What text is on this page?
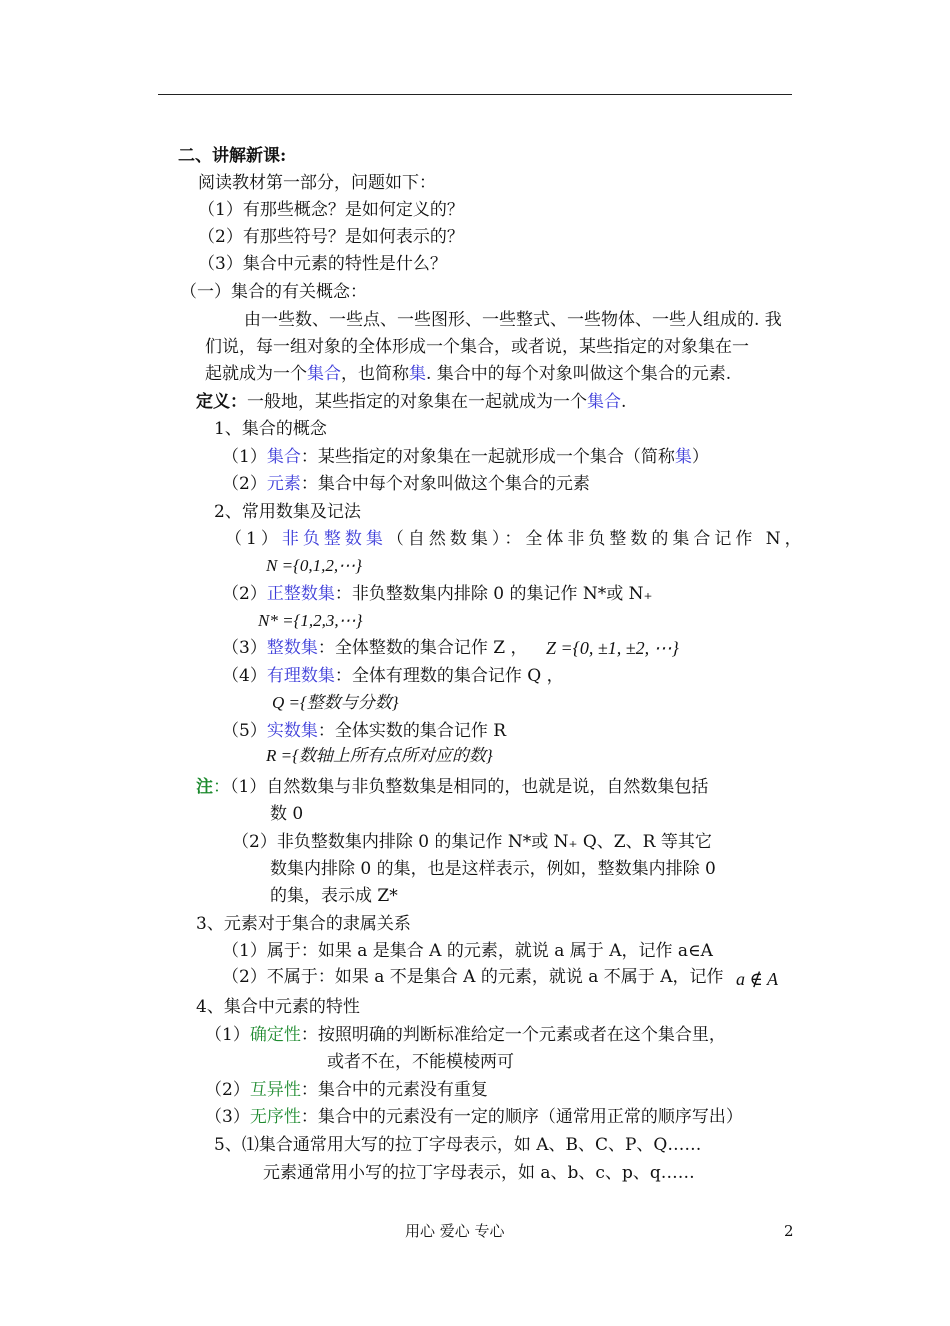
二、讲解新课:
阅读教材第一部分，问题如下：
（1）有那些概念？是如何定义的？
（2）有那些符号？是如何表示的？
（3）集合中元素的特性是什么？
（一）集合的有关概念：
由一些数、一些点、一些图形、一些整式、一些物体、一些人组成的. 我
们说，每一组对象的全体形成一个集合，或者说，某些指定的对象集在一
起就成为一个集合，也简称集. 集合中的每个对象叫做这个集合的元素.
定义：一般地，某些指定的对象集在一起就成为一个集合.
1、集合的概念
（1）集合：某些指定的对象集在一起就形成一个集合（简称集）
（2）元素：集合中每个对象叫做这个集合的元素
2、常用数集及记法
（1）非负整数集（自然数集）：全体非负整数的集合记作 N，
N ={0,1,2,⋯}
（2）正整数集：非负整数集内排除 0 的集记作 N*或 N₊
N* ={1,2,3,⋯}
（3）整数集：全体整数的集合记作 Z ， Z ={0, ±1, ±2, ⋯}
（4）有理数集：全体有理数的集合记作 Q ，
Q ={整数与分数}
（5）实数集：全体实数的集合记作 R
R ={数轴上所有点所对应的数}
注：（1）自然数集与非负整数集是相同的，也就是说，自然数集包括
数 0
（2）非负整数集内排除 0 的集记作 N*或 N₊ Q、Z、R 等其它
数集内排除 0 的集，也是这样表示，例如，整数集内排除 0
的集，表示成 Z*
3、元素对于集合的隶属关系
（1）属于：如果 a 是集合 A 的元素，就说 a 属于 A，记作 a∈A
（2）不属于：如果 a 不是集合 A 的元素，就说 a 不属于 A，记作 a ∉ A
4、集合中元素的特性
（1）确定性：按照明确的判断标准给定一个元素或者在这个集合里，
或者不在，不能模棱两可
（2）互异性：集合中的元素没有重复
（3）无序性：集合中的元素没有一定的顺序（通常用正常的顺序写出）
5、⑴集合通常用大写的拉丁字母表示，如 A、B、C、P、Q……
元素通常用小写的拉丁字母表示，如 a、b、c、p、q……
用心 爱心 专心	2
